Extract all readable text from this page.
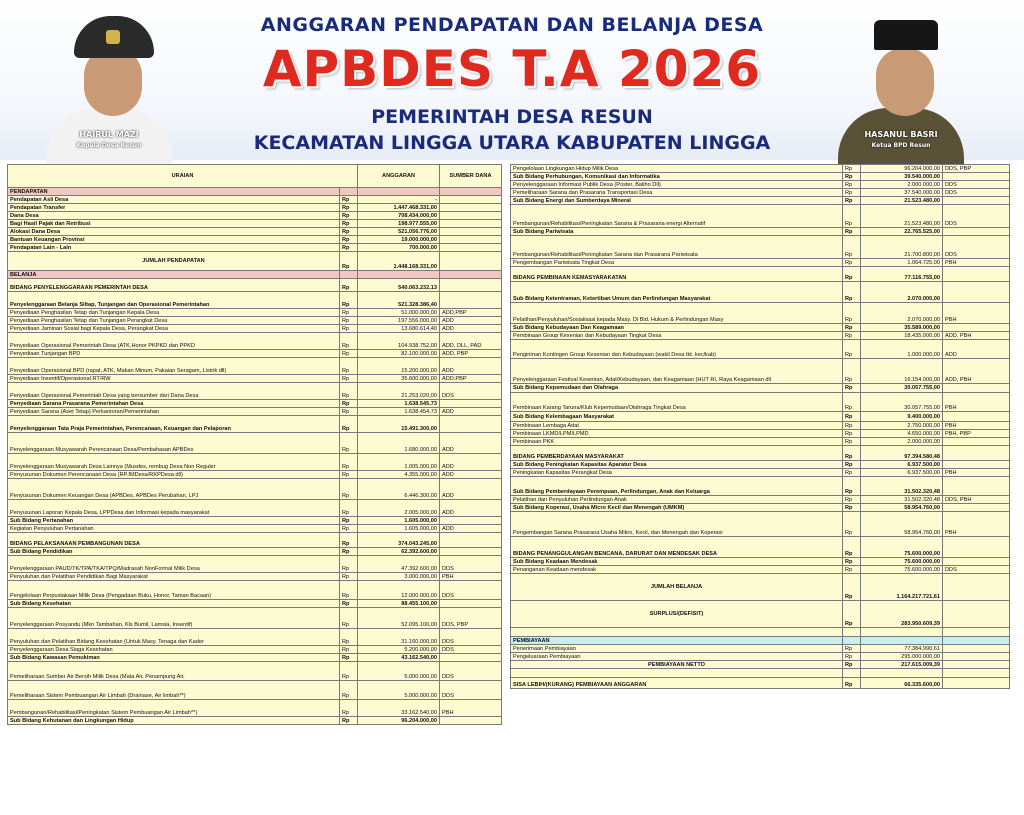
ANGGARAN PENDAPATAN DAN BELANJA DESA
APBDES T.A 2026
PEMERINTAH DESA RESUN
KECAMATAN LINGGA UTARA KABUPATEN LINGGA
HAIRUL MAZI
Kepala Desa Resun
HASANUL BASRI
Ketua BPD Resun
URAIAN		ANGGARAN	SUMBER DANA
PENDAPATAN			
Pendapatan Asli Desa	Rp	-	
Pendapatan Transfer	Rp	1.447.468.331,00	
Dana Desa	Rp	708.434.000,00	
Bagi Hasil Pajak dan Retribusi	Rp	198.977.555,00	
Alokasi Dana Desa	Rp	521.056.776,00	
Bantuan Keuangan Provinsi	Rp	19.000.000,00	
Pendapatan Lain - Lain	Rp	700.000,00	
JUMLAH PENDAPATAN	Rp	1.448.168.331,00	
BELANJA			
BIDANG PENYELENGGARAAN PEMERINTAH DESA	Rp	540.063.232,13	
Penyelenggaraan Belanja Siltap, Tunjangan dan Operasional Pemerintahan	Rp	521.328.386,40	
Penyediaan Penghasilan Tetap dan Tunjangan Kepala Desa	Rp	51.000.000,00	ADD,PBP
Penyediaan Penghasilan Tetap dan Tunjangan Perangkat Desa	Rp	197.556.000,00	ADD
Penyediaan Jaminan Sosial bagi Kepala Desa, Perangkat Desa	Rp	13.680.614,40	ADD
Penyediaan Operasional Pemerintah Desa (ATK,Honor PKPKD dan PPKD	Rp	104.938.752,00	ADD, DLL, PAD
Penyediaan Tunjangan BPD	Rp	82.100.000,00	ADD, PBP
Penyediaan Operasional BPD (rapat, ATK, Makan Minum, Pakaian Seragam, Listrik dll)	Rp	15.200.000,00	ADD
Penyediaan Insentif/Operasional RT/RW	Rp	35.600.000,00	ADD,PBP
Penyediaan Operasional Pemerintah Desa yang bersumber dari Dana Desa	Rp	21.253.020,00	DDS
Penyediaan Sarana Prasarana Pemerintahan Desa	Rp	1.638.545,73	
Penyediaan Sarana (Aset Tetap) Perkantoran/Pemerintahan	Rp	1.638.454,73	ADD
Penyelenggaraan Tata Praja Pemerintahan, Perencanaan, Keuangan dan Pelaporan	Rp	15.491.300,00	
Penyelenggaraan Musyawarah Perencanaan Desa/Pembahasan APBDes	Rp	1.680.000,00	ADD
Penyelenggaraan Musyawarah Desa Lainnya (Musdes, rembug Desa Non Reguler	Rp	1.005.000,00	ADD
Penyusunan Dokumen Perencanaan Desa (RPJMDesa/RKPDesa dll)	Rp	4.355.000,00	ADD
Penyusunan Dokumen Keuangan Desa (APBDes, APBDes Perubahan, LPJ	Rp	6.446.300,00	ADD
Penyusunan Laporan Kepala Desa, LPPDesa dan Informasi kepada masyarakat	Rp	2.005.000,00	ADD
Sub Bidang Pertanahan	Rp	1.605.000,00	
Kegiatan Penyuluhan Pertanahan	Rp	1.605.000,00	ADD
BIDANG PELAKSANAAN PEMBANGUNAN DESA	Rp	374.043.245,00	
Sub Bidang Pendidikan	Rp	62.392.600,00	
Penyelenggaraan PAUD/TK/TPA/TKA/TPQ/Madrasah NonFormal Milik Desa	Rp	47.392.600,00	DDS
Penyuluhan dan Pelatihan Pendidikan Bagi Masyarakat	Rp	3.000.000,00	PBH
Pengelolaan Perpustakaan Milik Desa (Pengadaan Buku, Honor, Taman Bacaan)	Rp	12.000.000,00	DDS
Sub Bidang Kesehatan	Rp	88.455.100,00	
Penyelenggaraan Posyandu (Mkn Tambahan, Kls Bumil, Lamsia, Insentif)	Rp	52.095.100,00	DDS, PBP
Penyuluhan dan Pelatihan Bidang Kesehatan (Untuk Masy, Tenaga dan Kader	Rp	31.160.000,00	DDS
Penyelenggaraan Desa Siaga Kesehatan	Rp	5.200.000,00	DDS
Sub Bidang Kawasan Pemukiman	Rp	43.162.540,00	
Pemeliharaan Sumber Air Bersih Milik Desa (Mata Air, Penampung Air,	Rp	5.000.000,00	DDS
Pemeliharaan Sistem Pembuangan Air Limbah (Drainase, Air limbah**)	Rp	5.000.000,00	DDS
Pembangunan/Rehabilitasi/Peningkatan Sistem Pembuangan Air Limbah**)	Rp	33.162.540,00	PBH
Sub Bidang Kehutanan dan Lingkungan Hidup	Rp	96.204.000,00	
Pengelolaan Lingkungan Hidup Milik Desa	Rp	96.204.000,00	DDS, PBP
Sub Bidang Perhubungan, Komunikasi dan Informatika	Rp	39.540.000,00	
Penyelenggaraan Informasi Publik Desa (Poster, Baliho Dll)	Rp	2.000.000,00	DDS
Pemeliharaan Sarana dan Prasarana Transportasi Desa	Rp	37.540.000,00	DDS
Sub Bidang Energi dan Sumberdaya Mineral	Rp	21.523.480,00	
Pembangunan/Rehabilitasi/Peningkatan Sarana & Prasarana energi Alternatif	Rp	21.523.480,00	DDS
Sub Bidang Pariwisata	Rp	22.765.525,00	
Pembangunan/Rehabilitasi/Peningkatan Sarana dan Prasarana Pariwisata	Rp	21.700.800,00	DDS
Pengembangan Pariwisata Tingkat Desa	Rp	1.064.725,00	PBH
BIDANG PEMBINAAN KEMASYARAKATAN	Rp	77.116.755,00	
Sub Bidang Ketentraman, Ketertiban Umum dan Perlindungan Masyarakat	Rp	2.070.000,00	
Pelatihan/Penyuluhan/Sosialisasi kepada Masy. Di Bid. Hukum & Perlindungan Masy	Rp	2.070.000,00	PBH
Sub Bidang Kebudayaan Dan Keagamaan	Rp	35.589.000,00	
Pembinaan Group Kesenian dan Kebudayaan Tingkat Desa	Rp	18.435.000,00	ADD, PBH
Pengiriman Kontingen Group Kesenian dan Kebudayaan (wakil Desa tkt. kec/kab)	Rp	1.000.000,00	ADD
Penyelenggaraan Festival Kesenian, Adat/Kebudayaan, dan Keagamaan (HUT RI, Raya Keagamaan dll	Rp	16.154.000,00	ADD, PBH
Sub Bidang Kepemudaan dan Olahraga	Rp	30.057.755,00	
Pembinaan Karang Taruna/Klub Kepemudaan/Olahraga Tingkat Desa	Rp	30.057.755,00	PBH
Sub Bidang Kelembagaan Masyarakat	Rp	9.400.000,00	
Pembinaan Lembaga Adat	Rp	2.750.000,00	PBH
Pembinaan LKMD/LPM/LPMD	Rp	4.650.000,00	PBH, PBP
Pembinaan PKK	Rp	2.000.000,00	
BIDANG PEMBERDAYAAN MASYARAKAT	Rp	97.394.580,48	
Sub Bidang Peningkatan Kapasitas Aparatur Desa	Rp	6.937.500,00	
Peningkatan Kapasitas Perangkat Desa	Rp	6.937.500,00	PBH
Sub Bidang Pemberdayaan Perempuan, Perlindungan, Anak dan Keluarga	Rp	31.502.320,48	
Pelatihan dan Penyuluhan Perlindungan Anak	Rp	31.502.320,48	DDS, PBH
Sub Bidang Koperasi, Usaha Micro Kecil dan Menengah (UMKM)	Rp	58.954.760,00	
Pengembangan Sarana Prasarana Usaha Mikro, Kecil, dan Menengah dan Koperasi	Rp	58.954.760,00	PBH
BIDANG PENANGGULANGAN BENCANA, DARURAT DAN MENDESAK DESA	Rp	75.600.000,00	
Sub Bidang Keadaan Mendesak	Rp	75.600.000,00	
Penanganan Keadaan mendesak	Rp	75.600.000,00	DDS
JUMLAH BELANJA	Rp	1.164.217.721,61	
SURPLUS/(DEFISIT)	Rp	283.950.609,39	

PEMBIAYAAN			
Penerimaan Pembiayaan	Rp	77.384.990,61	
Pengeluaraan Pembiayaan	Rp	295.000.000,00	
PEMBIAYAAN NETTO	Rp	217.615.009,39	

SISA LEBIH/(KURANG) PEMBIAYAAN ANGGARAN	Rp	66.335.600,00	
